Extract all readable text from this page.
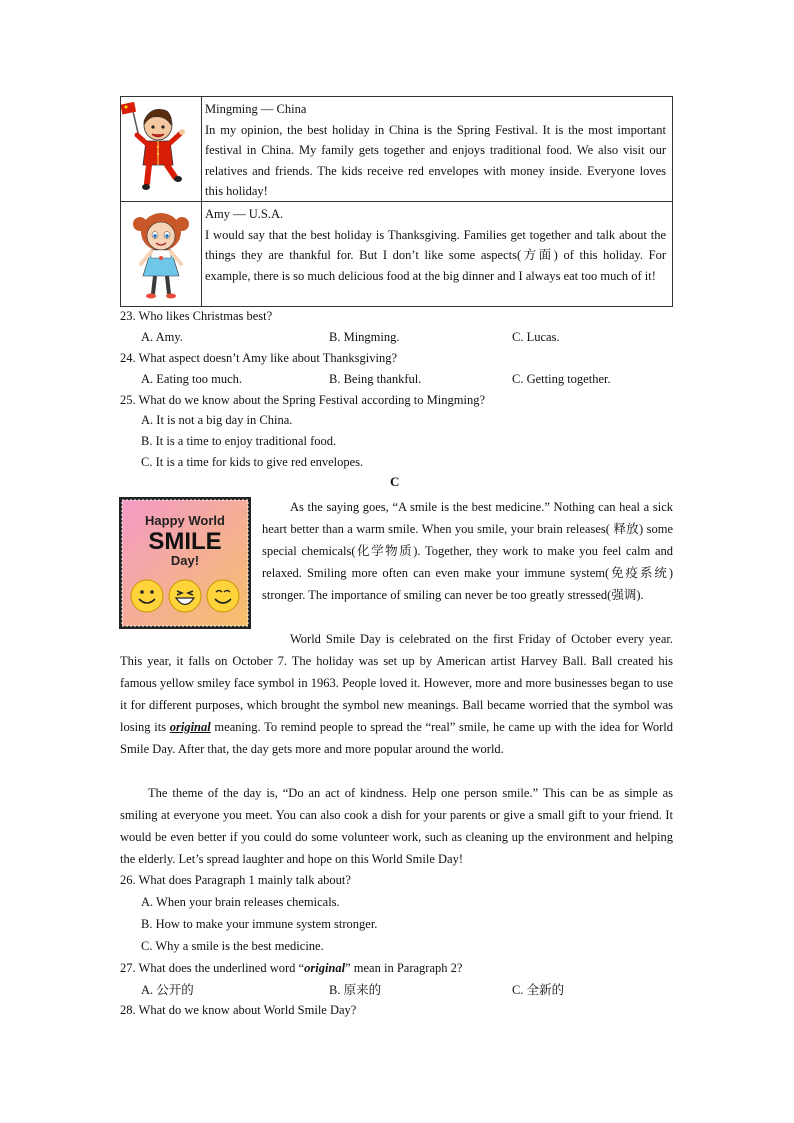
Mingming — China
In my opinion, the best holiday in China is the Spring Festival. It is the most important festival in China. My family gets together and enjoys traditional food. We also visit our relatives and friends. The kids receive red envelopes with money inside. Everyone loves this holiday!
Amy — U.S.A.
I would say that the best holiday is Thanksgiving. Families get together and talk about the things they are thankful for. But I don’t like some aspects(方面) of this holiday. For example, there is so much delicious food at the big dinner and I always eat too much of it!
23. Who likes Christmas best?
A. Amy.	B. Mingming.	C. Lucas.
24. What aspect doesn’t Amy like about Thanksgiving?
A. Eating too much.	B. Being thankful.	C. Getting together.
25. What do we know about the Spring Festival according to Mingming?
A. It is not a big day in China.
B. It is a time to enjoy traditional food.
C. It is a time for kids to give red envelopes.
C
Happy World
SMILE
Day!
As the saying goes, “A smile is the best medicine.” Nothing can heal a sick heart better than a warm smile. When you smile, your brain releases( 释放) some special chemicals(化学物质). Together, they work to make you feel calm and relaxed. Smiling more often can even make your immune system(免疫系统) stronger. The importance of smiling can never be too greatly stressed(强调).
World Smile Day is celebrated on the first Friday of October every year. This year, it falls on October 7. The holiday was set up by American artist Harvey Ball. Ball created his famous yellow smiley face symbol in 1963. People loved it. However, more and more businesses began to use it for different purposes, which brought the symbol new meanings. Ball became worried that the symbol was losing its original meaning. To remind people to spread the “real” smile, he came up with the idea for World Smile Day. After that, the day gets more and more popular around the world.
The theme of the day is, “Do an act of kindness. Help one person smile.” This can be as simple as smiling at everyone you meet. You can also cook a dish for your parents or give a small gift to your friend. It would be even better if you could do some volunteer work, such as cleaning up the environment and helping the elderly. Let’s spread laughter and hope on this World Smile Day!
26. What does Paragraph 1 mainly talk about?
A. When your brain releases chemicals.
B. How to make your immune system stronger.
C. Why a smile is the best medicine.
27. What does the underlined word “original” mean in Paragraph 2?
A. 公开的	B. 原来的	C. 全新的
28. What do we know about World Smile Day?
